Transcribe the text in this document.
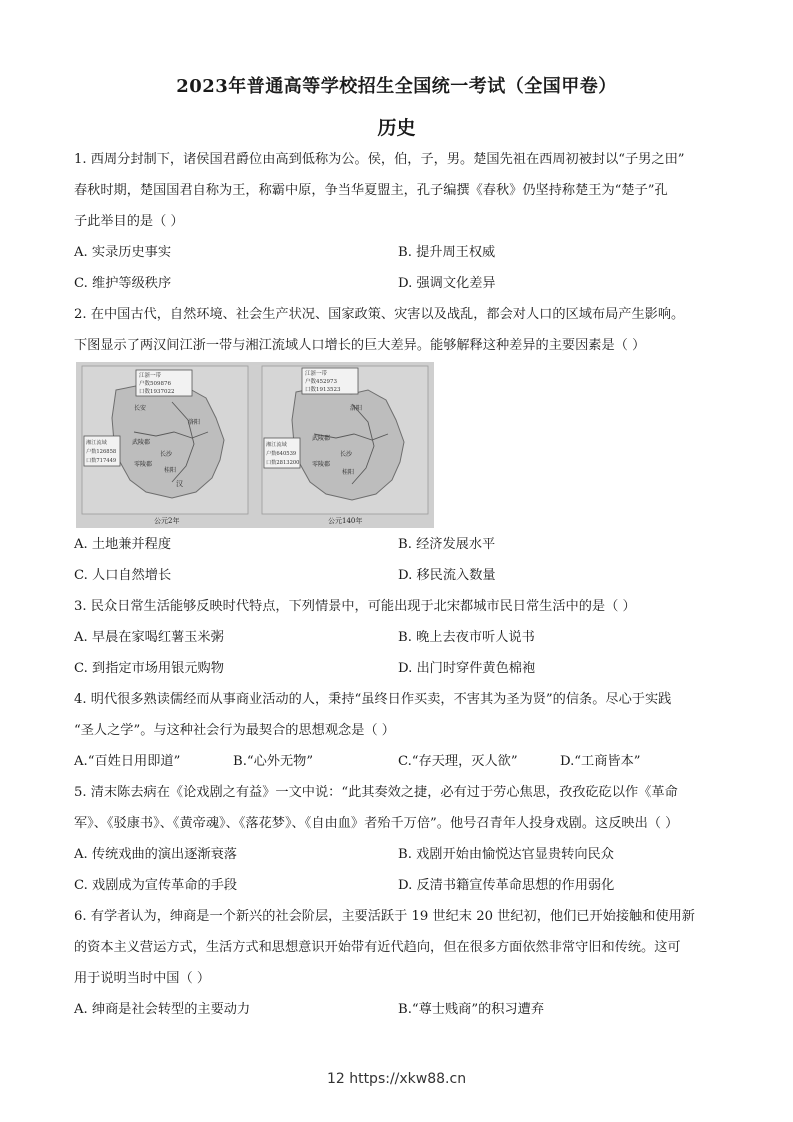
2023年普通高等学校招生全国统一考试（全国甲卷）
历史
1. 西周分封制下，诸侯国君爵位由高到低称为公。侯，伯，子，男。楚国先祖在西周初被封以“子男之田”
春秋时期，楚国国君自称为王，称霸中原，争当华夏盟主，孔子编撰《春秋》仍坚持称楚王为“楚子”孔
子此举目的是（ ）
A. 实录历史事实	B. 提升周王权威
C. 维护等级秩序	D. 强调文化差异
2. 在中国古代，自然环境、社会生产状况、国家政策、灾害以及战乱，都会对人口的区域布局产生影响。
下图显示了两汉间江浙一带与湘江流域人口增长的巨大差异。能够解释这种差异的主要因素是（ ）
江浙一带
户数509876
口数1937022
湘江流域
户数126858
口数717449
长安
洛阳
长沙
武陵郡
零陵郡
桂阳
汉
公元2年
江浙一带
户数452973
口数1913523
湘江流域
户数640539
口数2813200
洛阳
长沙
武陵郡
零陵郡
桂阳
公元140年
A. 土地兼并程度	B. 经济发展水平
C. 人口自然增长	D. 移民流入数量
3. 民众日常生活能够反映时代特点，下列情景中，可能出现于北宋都城市民日常生活中的是（ ）
A. 早晨在家喝红薯玉米粥	B. 晚上去夜市听人说书
C. 到指定市场用银元购物	D. 出门时穿件黄色棉袍
4. 明代很多熟读儒经而从事商业活动的人，秉持“虽终日作买卖，不害其为圣为贤”的信条。尽心于实践
“圣人之学”。与这种社会行为最契合的思想观念是（ ）
A.“百姓日用即道”	B.“心外无物”	C.“存天理，灭人欲”	D.“工商皆本”
5. 清末陈去病在《论戏剧之有益》一文中说：“此其奏效之捷，必有过于劳心焦思，孜孜矻矻以作《革命
军》、《驳康书》、《黄帝魂》、《落花梦》、《自由血》者殆千万倍”。他号召青年人投身戏剧。这反映出（ ）
A. 传统戏曲的演出逐渐衰落	B. 戏剧开始由愉悦达官显贵转向民众
C. 戏剧成为宣传革命的手段	D. 反清书籍宣传革命思想的作用弱化
6. 有学者认为，绅商是一个新兴的社会阶层，主要活跃于 19 世纪末 20 世纪初，他们已开始接触和使用新
的资本主义营运方式，生活方式和思想意识开始带有近代趋向，但在很多方面依然非常守旧和传统。这可
用于说明当时中国（ ）
A. 绅商是社会转型的主要动力	B.“尊士贱商”的积习遭弃
12 https://xkw88.cn
